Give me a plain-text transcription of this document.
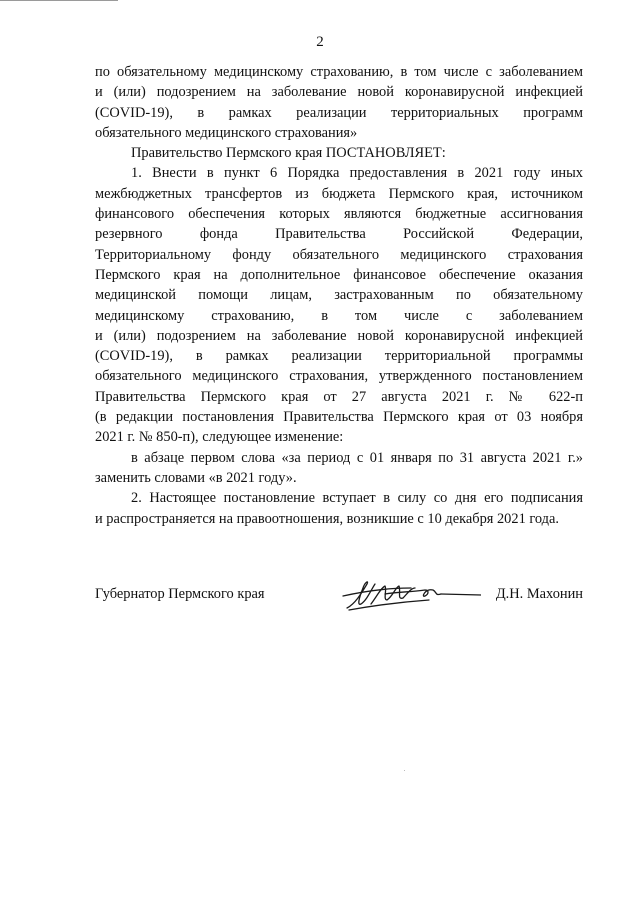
2
по обязательному медицинскому страхованию, в том числе с заболеванием
и (или) подозрением на заболевание новой коронавирусной инфекцией
(COVID-19), в рамках реализации территориальных программ
обязательного медицинского страхования»
Правительство Пермского края ПОСТАНОВЛЯЕТ:
1. Внести в пункт 6 Порядка предоставления в 2021 году иных
межбюджетных трансфертов из бюджета Пермского края, источником
финансового обеспечения которых являются бюджетные ассигнования
резервного фонда Правительства Российской Федерации,
Территориальному фонду обязательного медицинского страхования
Пермского края на дополнительное финансовое обеспечение оказания
медицинской помощи лицам, застрахованным по обязательному
медицинскому страхованию, в том числе с заболеванием
и (или) подозрением на заболевание новой коронавирусной инфекцией
(COVID-19), в рамках реализации территориальной программы
обязательного медицинского страхования, утвержденного постановлением
Правительства Пермского края от 27 августа 2021 г. № 622-п
(в редакции постановления Правительства Пермского края от 03 ноября
2021 г. № 850-п), следующее изменение:
в абзаце первом слова «за период с 01 января по 31 августа 2021 г.»
заменить словами «в 2021 году».
2. Настоящее постановление вступает в силу со дня его подписания
и распространяется на правоотношения, возникшие с 10 декабря 2021 года.
Губернатор Пермского края	Д.Н. Махонин
